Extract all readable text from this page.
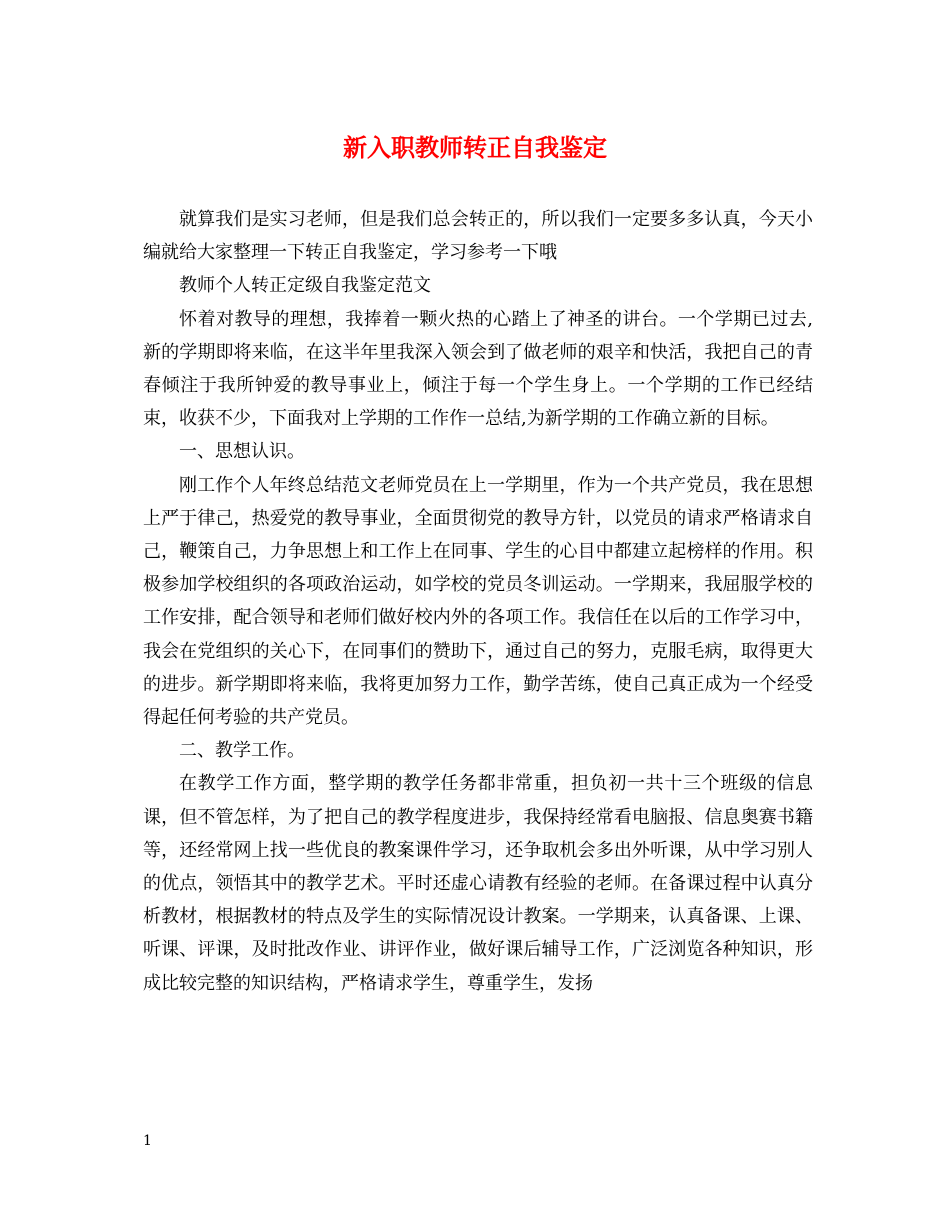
新入职教师转正自我鉴定

就算我们是实习老师，但是我们总会转正的，所以我们一定要多多认真，今天小编就给大家整理一下转正自我鉴定，学习参考一下哦

教师个人转正定级自我鉴定范文

怀着对教导的理想，我捧着一颗火热的心踏上了神圣的讲台。一个学期已过去,新的学期即将来临，在这半年里我深入领会到了做老师的艰辛和快活，我把自己的青春倾注于我所钟爱的教导事业上，倾注于每一个学生身上。一个学期的工作已经结束，收获不少，下面我对上学期的工作作一总结,为新学期的工作确立新的目标。

一、思想认识。

刚工作个人年终总结范文老师党员在上一学期里，作为一个共产党员，我在思想上严于律己，热爱党的教导事业，全面贯彻党的教导方针，以党员的请求严格请求自己，鞭策自己，力争思想上和工作上在同事、学生的心目中都建立起榜样的作用。积极参加学校组织的各项政治运动，如学校的党员冬训运动。一学期来，我屈服学校的工作安排，配合领导和老师们做好校内外的各项工作。我信任在以后的工作学习中，我会在党组织的关心下，在同事们的赞助下，通过自己的努力，克服毛病，取得更大的进步。新学期即将来临，我将更加努力工作，勤学苦练，使自己真正成为一个经受得起任何考验的共产党员。

二、教学工作。

在教学工作方面，整学期的教学任务都非常重，担负初一共十三个班级的信息课，但不管怎样，为了把自己的教学程度进步，我保持经常看电脑报、信息奥赛书籍等，还经常网上找一些优良的教案课件学习，还争取机会多出外听课，从中学习别人的优点，领悟其中的教学艺术。平时还虚心请教有经验的老师。在备课过程中认真分析教材，根据教材的特点及学生的实际情况设计教案。一学期来，认真备课、上课、听课、评课，及时批改作业、讲评作业，做好课后辅导工作，广泛浏览各种知识，形成比较完整的知识结构，严格请求学生，尊重学生，发扬

1
